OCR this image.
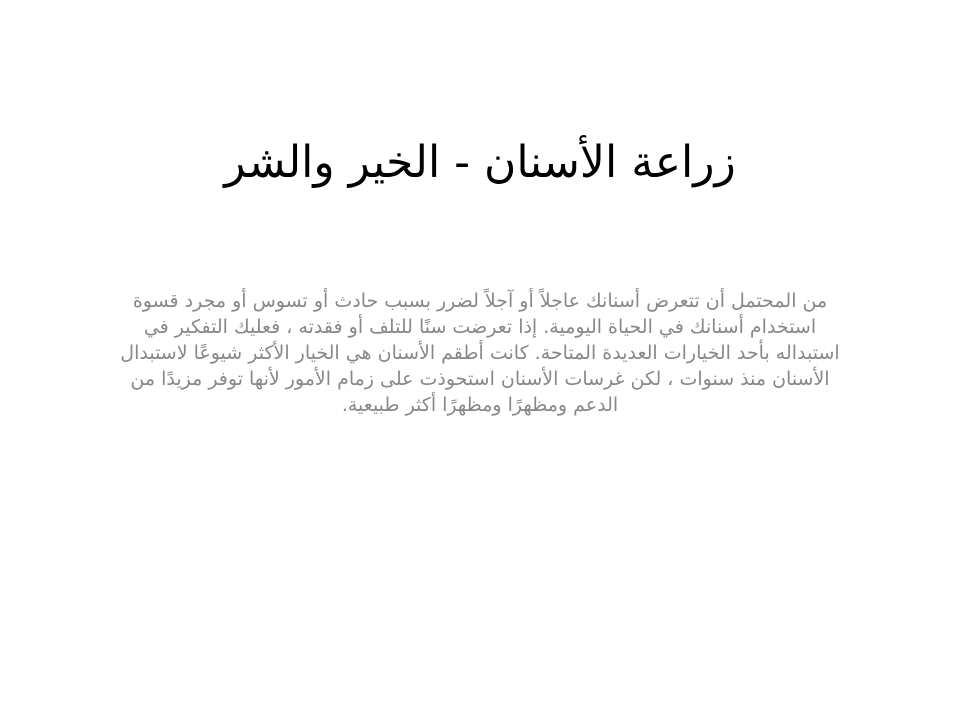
زراعة الأسنان - الخير والشر

من المحتمل أن تتعرض أسنانك عاجلاً أو آجلاً لضرر بسبب حادث أو تسوس أو مجرد قسوة استخدام أسنانك في الحياة اليومية. إذا تعرضت سنًا للتلف أو فقدته ، فعليك التفكير في استبداله بأحد الخيارات العديدة المتاحة. كانت أطقم الأسنان هي الخيار الأكثر شيوعًا لاستبدال الأسنان منذ سنوات ، لكن غرسات الأسنان استحوذت على زمام الأمور لأنها توفر مزيدًا من الدعم ومظهرًا ومظهرًا أكثر طبيعية.
